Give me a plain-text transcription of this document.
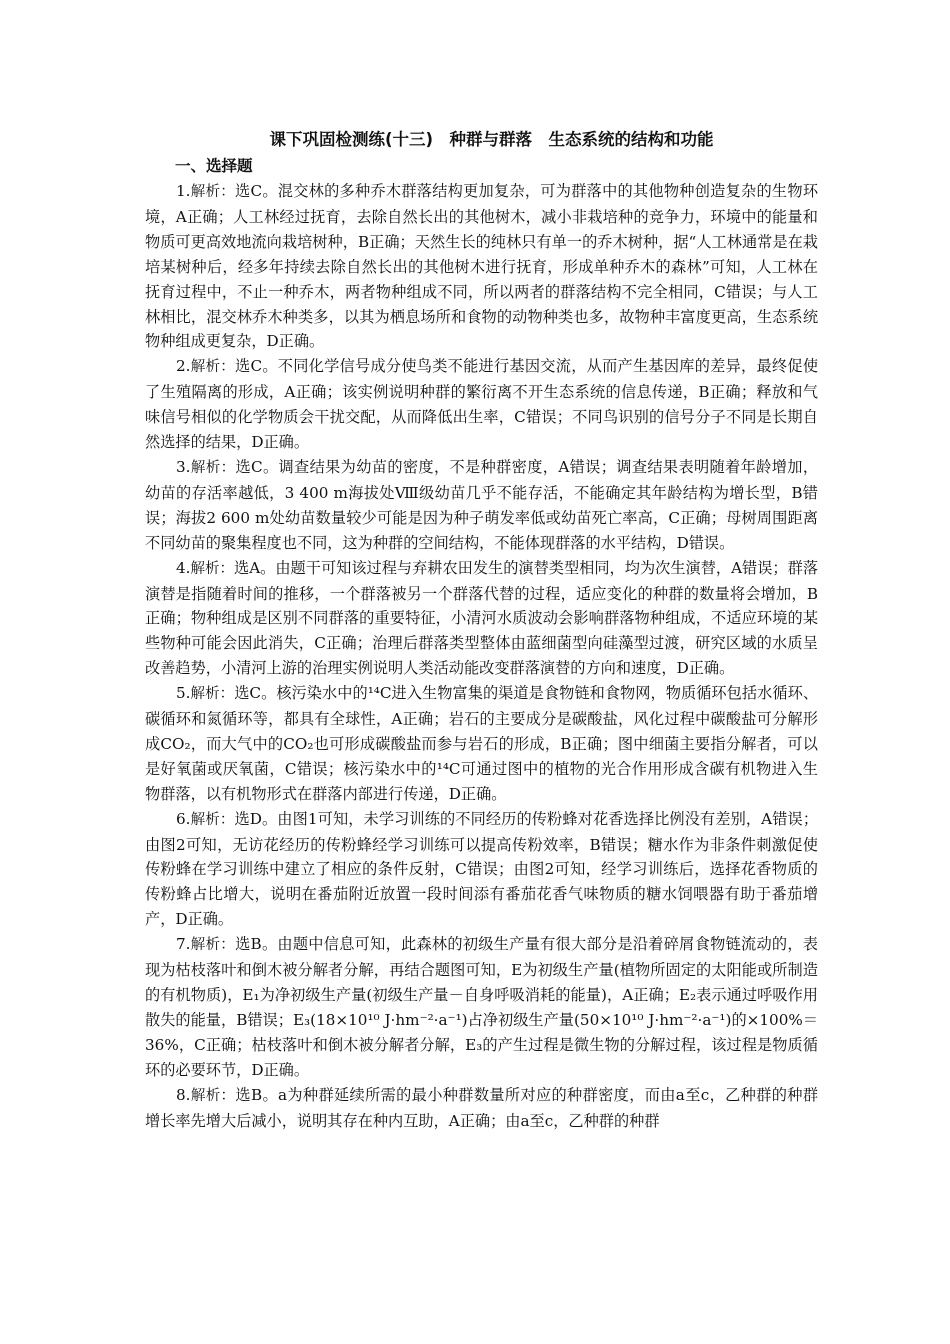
课下巩固检测练(十三)　种群与群落　生态系统的结构和功能
一、选择题

1.解析：选C。混交林的多种乔木群落结构更加复杂，可为群落中的其他物种创造复杂的生物环境，A正确；人工林经过抚育，去除自然长出的其他树木，减小非栽培种的竞争力，环境中的能量和物质可更高效地流向栽培树种，B正确；天然生长的纯林只有单一的乔木树种，据“人工林通常是在栽培某树种后，经多年持续去除自然长出的其他树木进行抚育，形成单种乔木的森林”可知，人工林在抚育过程中，不止一种乔木，两者物种组成不同，所以两者的群落结构不完全相同，C错误；与人工林相比，混交林乔木种类多，以其为栖息场所和食物的动物种类也多，故物种丰富度更高，生态系统物种组成更复杂，D正确。

2.解析：选C。不同化学信号成分使鸟类不能进行基因交流，从而产生基因库的差异，最终促使了生殖隔离的形成，A正确；该实例说明种群的繁衍离不开生态系统的信息传递，B正确；释放和气味信号相似的化学物质会干扰交配，从而降低出生率，C错误；不同鸟识别的信号分子不同是长期自然选择的结果，D正确。

3.解析：选C。调查结果为幼苗的密度，不是种群密度，A错误；调查结果表明随着年龄增加，幼苗的存活率越低，3 400 m海拔处Ⅷ级幼苗几乎不能存活，不能确定其年龄结构为增长型，B错误；海拔2 600 m处幼苗数量较少可能是因为种子萌发率低或幼苗死亡率高，C正确；母树周围距离不同幼苗的聚集程度也不同，这为种群的空间结构，不能体现群落的水平结构，D错误。

4.解析：选A。由题干可知该过程与弃耕农田发生的演替类型相同，均为次生演替，A错误；群落演替是指随着时间的推移，一个群落被另一个群落代替的过程，适应变化的种群的数量将会增加，B正确；物种组成是区别不同群落的重要特征，小清河水质波动会影响群落物种组成，不适应环境的某些物种可能会因此消失，C正确；治理后群落类型整体由蓝细菌型向硅藻型过渡，研究区域的水质呈改善趋势，小清河上游的治理实例说明人类活动能改变群落演替的方向和速度，D正确。

5.解析：选C。核污染水中的¹⁴C进入生物富集的渠道是食物链和食物网，物质循环包括水循环、碳循环和氮循环等，都具有全球性，A正确；岩石的主要成分是碳酸盐，风化过程中碳酸盐可分解形成CO₂，而大气中的CO₂也可形成碳酸盐而参与岩石的形成，B正确；图中细菌主要指分解者，可以是好氧菌或厌氧菌，C错误；核污染水中的¹⁴C可通过图中的植物的光合作用形成含碳有机物进入生物群落，以有机物形式在群落内部进行传递，D正确。

6.解析：选D。由图1可知，未学习训练的不同经历的传粉蜂对花香选择比例没有差别，A错误；由图2可知，无访花经历的传粉蜂经学习训练可以提高传粉效率，B错误；糖水作为非条件刺激促使传粉蜂在学习训练中建立了相应的条件反射，C错误；由图2可知，经学习训练后，选择花香物质的传粉蜂占比增大，说明在番茄附近放置一段时间添有番茄花香气味物质的糖水饲喂器有助于番茄增产，D正确。

7.解析：选B。由题中信息可知，此森林的初级生产量有很大部分是沿着碎屑食物链流动的，表现为枯枝落叶和倒木被分解者分解，再结合题图可知，E为初级生产量(植物所固定的太阳能或所制造的有机物质)，E₁为净初级生产量(初级生产量－自身呼吸消耗的能量)，A正确；E₂表示通过呼吸作用散失的能量，B错误；E₃(18×10¹⁰ J·hm⁻²·a⁻¹)占净初级生产量(50×10¹⁰ J·hm⁻²·a⁻¹)的×100%＝36%，C正确；枯枝落叶和倒木被分解者分解，E₃的产生过程是微生物的分解过程，该过程是物质循环的必要环节，D正确。

8.解析：选B。a为种群延续所需的最小种群数量所对应的种群密度，而由a至c，乙种群的种群增长率先增大后减小，说明其存在种内互助，A正确；由a至c，乙种群的种群
